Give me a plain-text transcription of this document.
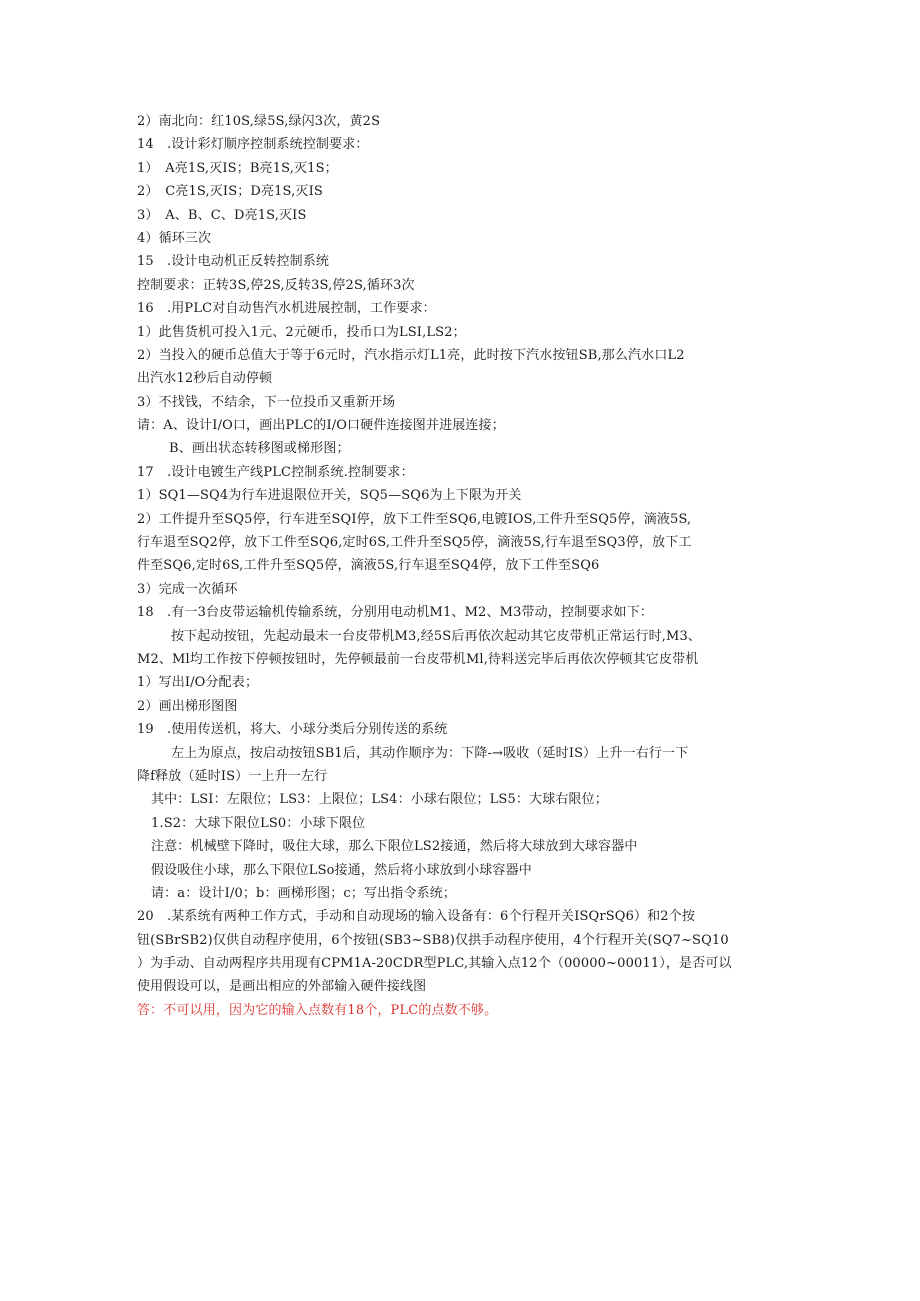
2）南北向：红10S,绿5S,绿闪3次，黄2S
14　.设计彩灯顺序控制系统控制要求：
1）　A亮1S,灭IS；B亮1S,灭1S；
2）　C亮1S,灭IS；D亮1S,灭IS
3）　A、B、C、D亮1S,灭IS
4）循环三次
15　.设计电动机正反转控制系统
控制要求：正转3S,停2S,反转3S,停2S,循环3次
16　.用PLC对自动售汽水机进展控制，工作要求：
1）此售货机可投入1元、2元硬币，投币口为LSI,LS2；
2）当投入的硬币总值大于等于6元时，汽水指示灯L1亮，此时按下汽水按钮SB,那么汽水口L2
出汽水12秒后自动停顿
3）不找钱，不结余，下一位投币又重新开场
请：A、设计I/O口，画出PLC的I/O口硬件连接图并进展连接；
B、画出状态转移图或梯形图；
17　.设计电镀生产线PLC控制系统.控制要求：
1）SQ1—SQ4为行车进退限位开关，SQ5—SQ6为上下限为开关
2）工件提升至SQ5停，行车进至SQI停，放下工件至SQ6,电镀IOS,工件升至SQ5停，滴液5S,
行车退至SQ2停，放下工件至SQ6,定时6S,工件升至SQ5停，滴液5S,行车退至SQ3停，放下工
件至SQ6,定时6S,工件升至SQ5停，滴液5S,行车退至SQ4停，放下工件至SQ6
3）完成一次循环
18　.有一3台皮带运输机传输系统，分别用电动机M1、M2、M3带动，控制要求如下：
按下起动按钮，先起动最末一台皮带机M3,经5S后再依次起动其它皮带机正常运行时,M3、
M2、Ml均工作按下停顿按钮时，先停顿最前一台皮带机Ml,待料送完毕后再依次停顿其它皮带机
1）写出I/O分配表；
2）画出梯形图图
19　.使用传送机，将大、小球分类后分别传送的系统
左上为原点，按启动按钮SB1后，其动作顺序为：下降-→吸收（延时IS）上升一右行一下
降f释放（延时IS）一上升一左行
其中：LSI：左限位；LS3：上限位；LS4：小球右限位；LS5：大球右限位；
1.S2：大球下限位LS0：小球下限位
注意：机械壁下降时，吸住大球，那么下限位LS2接通，然后将大球放到大球容器中
假设吸住小球，那么下限位LSo接通，然后将小球放到小球容器中
请：a：设计I/0；b：画梯形图；c；写出指令系统；
20　.某系统有两种工作方式，手动和自动现场的输入设备有：6个行程开关ISQrSQ6）和2个按
钮(SBrSB2)仅供自动程序使用，6个按钮(SB3~SB8)仅拱手动程序使用，4个行程开关(SQ7~SQ10
）为手动、自动两程序共用现有CPM1A-20CDR型PLC,其输入点12个（00000~00011），是否可以
使用假设可以，是画出相应的外部输入硬件接线图
答：不可以用，因为它的输入点数有18个，PLC的点数不够。
